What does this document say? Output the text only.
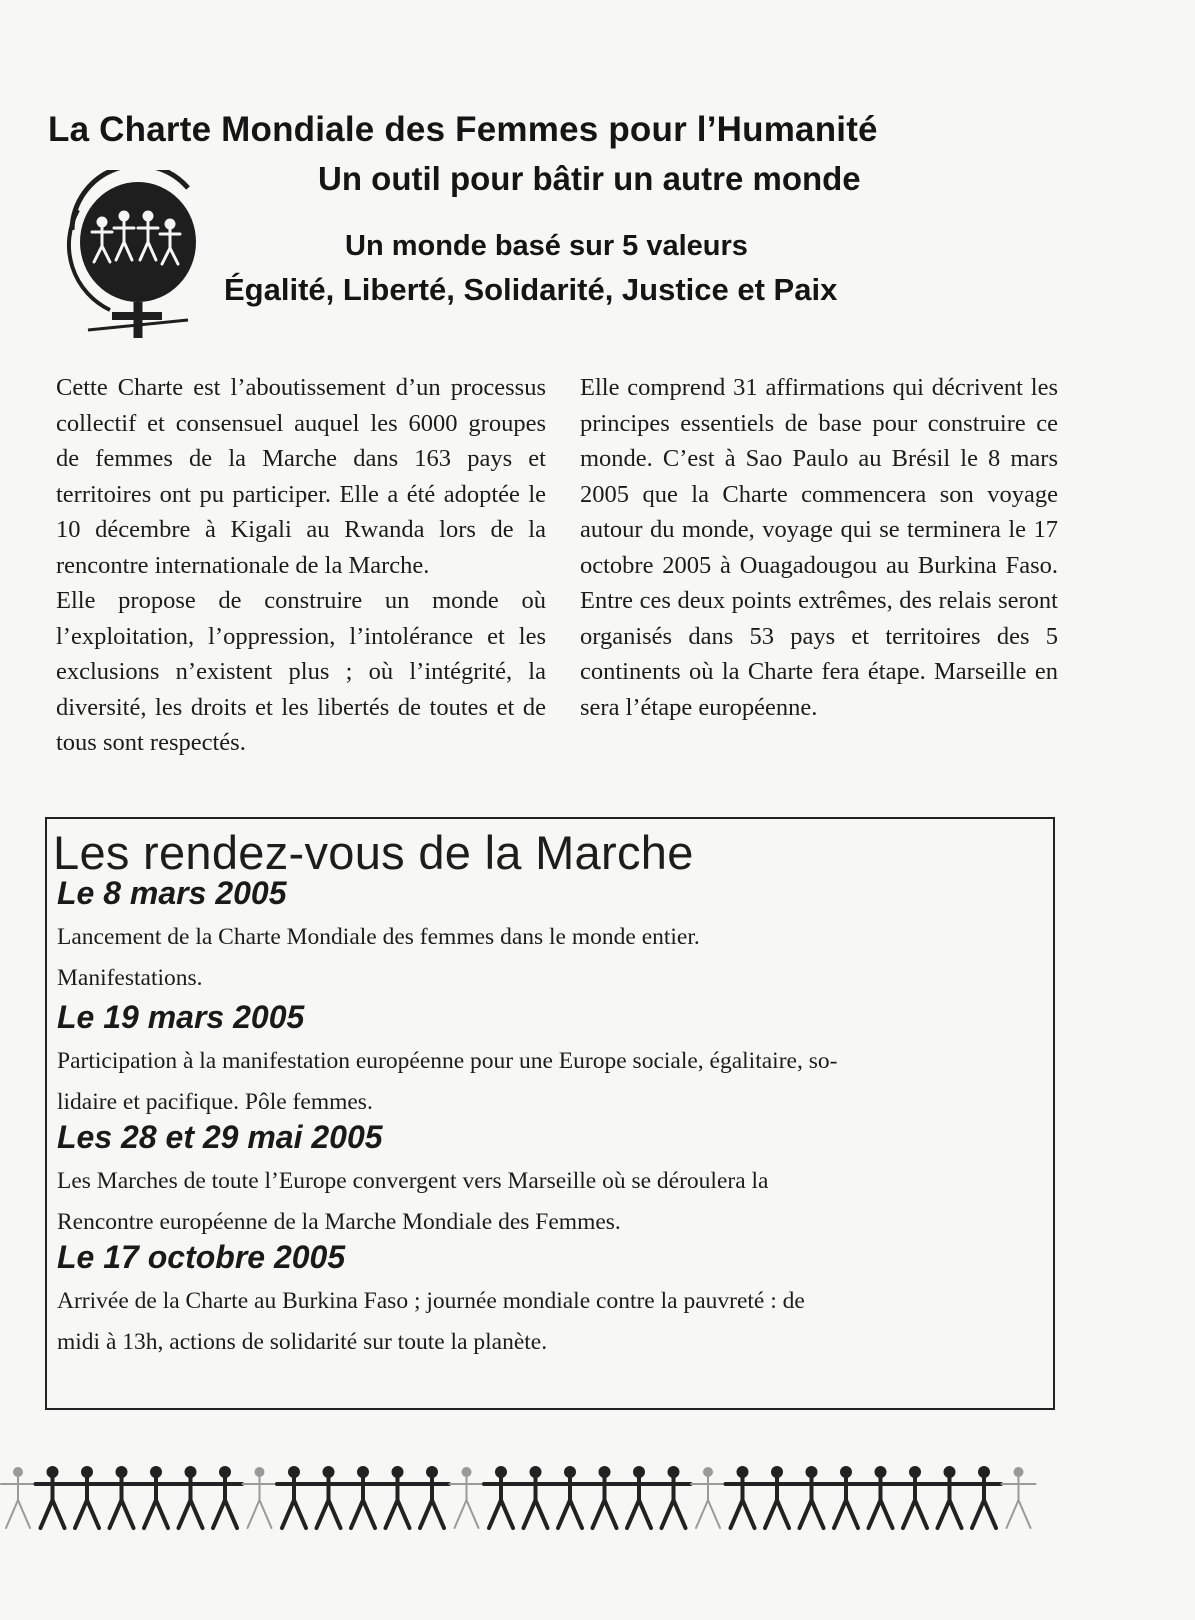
La Charte Mondiale des Femmes pour l’Humanité
Un outil pour bâtir un autre monde
Un monde basé sur 5 valeurs
Égalité, Liberté, Solidarité, Justice et Paix

Cette Charte est l’aboutissement d’un processus collectif et consensuel auquel les 6000 groupes de femmes de la Marche dans 163 pays et territoires ont pu participer. Elle a été adoptée le 10 décembre à Kigali au Rwanda lors de la rencontre internationale de la Marche.

Elle propose de construire un monde où l’exploitation, l’oppression, l’intolérance et les exclusions n’existent plus ; où l’intégrité, la diversité, les droits et les libertés de toutes et de tous sont respectés.

Elle comprend 31 affirmations qui décrivent les principes essentiels de base pour construire ce monde. C’est à Sao Paulo au Brésil le 8 mars 2005 que la Charte commencera son voyage autour du monde, voyage qui se terminera le 17 octobre 2005 à Ouagadougou au Burkina Faso. Entre ces deux points extrêmes, des relais seront organisés dans 53 pays et territoires des 5 continents où la Charte fera étape. Marseille en sera l’étape européenne.

Les rendez-vous de la Marche
Le 8 mars 2005
Lancement de la Charte Mondiale des femmes dans le monde entier.
Manifestations.
Le 19 mars 2005
Participation à la manifestation européenne pour une Europe sociale, égalitaire, so-
lidaire et pacifique. Pôle femmes.
Les 28 et 29 mai 2005
Les Marches de toute l’Europe convergent vers Marseille où se déroulera la
Rencontre européenne de la Marche Mondiale des Femmes.
Le 17 octobre 2005
Arrivée de la Charte au Burkina Faso ; journée mondiale contre la pauvreté : de
midi à 13h, actions de solidarité sur toute la planète.
